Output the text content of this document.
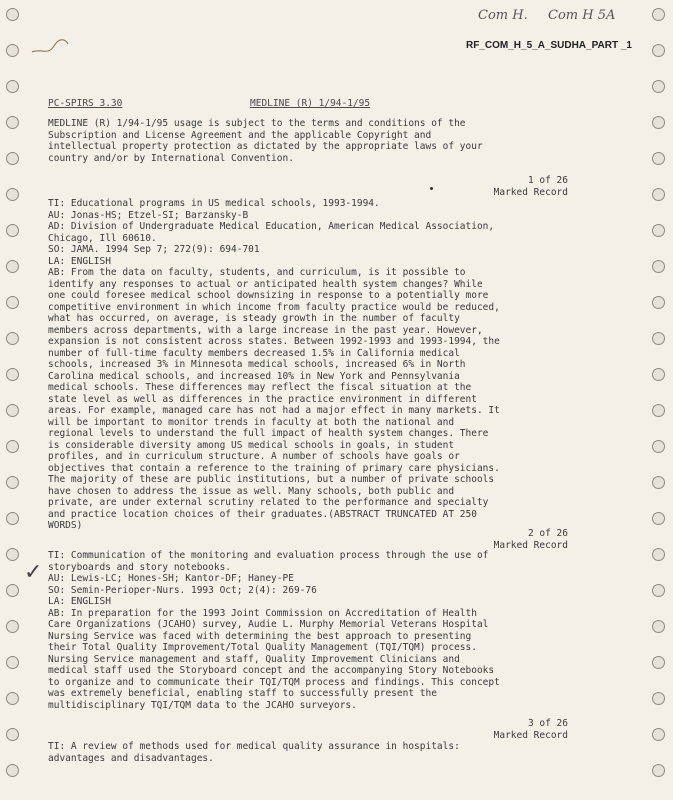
Com H. Com H 5A
RF_COM_H_5_A_SUDHA_PART _1
PC-SPIRS 3.30	MEDLINE (R) 1/94-1/95
MEDLINE (R) 1/94-1/95 usage is subject to the terms and conditions of the
Subscription and License Agreement and the applicable Copyright and
intellectual property protection as dictated by the appropriate laws of your
country and/or by International Convention.
1 of 26
Marked Record
TI: Educational programs in US medical schools, 1993-1994.
AU: Jonas-HS; Etzel-SI; Barzansky-B
AD: Division of Undergraduate Medical Education, American Medical Association,
Chicago, Ill 60610.
SO: JAMA. 1994 Sep 7; 272(9): 694-701
LA: ENGLISH
AB: From the data on faculty, students, and curriculum, is it possible to
identify any responses to actual or anticipated health system changes? While
one could foresee medical school downsizing in response to a potentially more
competitive environment in which income from faculty practice would be reduced,
what has occurred, on average, is steady growth in the number of faculty
members across departments, with a large increase in the past year. However,
expansion is not consistent across states. Between 1992-1993 and 1993-1994, the
number of full-time faculty members decreased 1.5% in California medical
schools, increased 3% in Minnesota medical schools, increased 6% in North
Carolina medical schools, and increased 10% in New York and Pennsylvania
medical schools. These differences may reflect the fiscal situation at the
state level as well as differences in the practice environment in different
areas. For example, managed care has not had a major effect in many markets. It
will be important to monitor trends in faculty at both the national and
regional levels to understand the full impact of health system changes. There
is considerable diversity among US medical schools in goals, in student
profiles, and in curriculum structure. A number of schools have goals or
objectives that contain a reference to the training of primary care physicians.
The majority of these are public institutions, but a number of private schools
have chosen to address the issue as well. Many schools, both public and
private, are under external scrutiny related to the performance and specialty
and practice location choices of their graduates.(ABSTRACT TRUNCATED AT 250
WORDS)
2 of 26
Marked Record
✓
TI: Communication of the monitoring and evaluation process through the use of
storyboards and story notebooks.
AU: Lewis-LC; Hones-SH; Kantor-DF; Haney-PE
SO: Semin-Perioper-Nurs. 1993 Oct; 2(4): 269-76
LA: ENGLISH
AB: In preparation for the 1993 Joint Commission on Accreditation of Health
Care Organizations (JCAHO) survey, Audie L. Murphy Memorial Veterans Hospital
Nursing Service was faced with determining the best approach to presenting
their Total Quality Improvement/Total Quality Management (TQI/TQM) process.
Nursing Service management and staff, Quality Improvement Clinicians and
medical staff used the Storyboard concept and the accompanying Story Notebooks
to organize and to communicate their TQI/TQM process and findings. This concept
was extremely beneficial, enabling staff to successfully present the
multidisciplinary TQI/TQM data to the JCAHO surveyors.
3 of 26
Marked Record
TI: A review of methods used for medical quality assurance in hospitals:
advantages and disadvantages.
